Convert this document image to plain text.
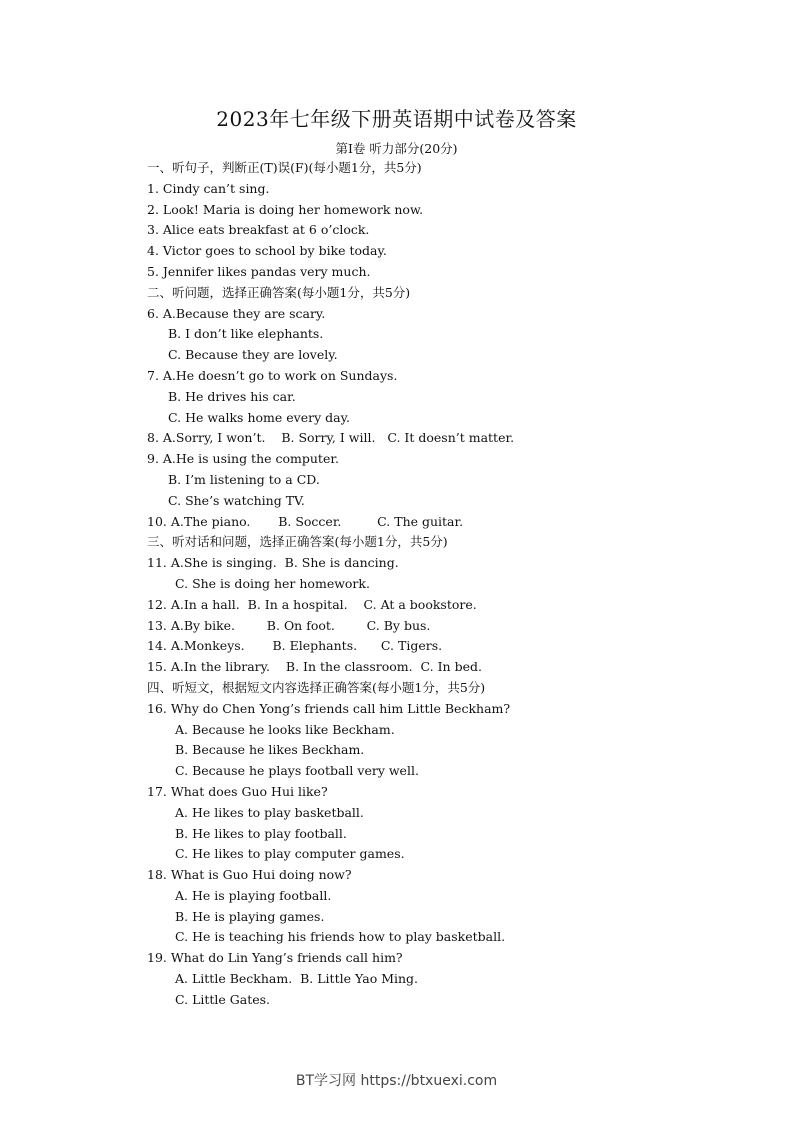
2023年七年级下册英语期中试卷及答案
第Ⅰ卷 听力部分(20分)
一、听句子，判断正(T)误(F)(每小题1分，共5分)
1. Cindy can’t sing.
2. Look! Maria is doing her homework now.
3. Alice eats breakfast at 6 o’clock.
4. Victor goes to school by bike today.
5. Jennifer likes pandas very much.
二、听问题，选择正确答案(每小题1分，共5分)
6. A.Because they are scary.
B. I don’t like elephants.
C. Because they are lovely.
7. A.He doesn’t go to work on Sundays.
B. He drives his car.
C. He walks home every day.
8. A.Sorry, I won’t.    B. Sorry, I will.   C. It doesn’t matter.
9. A.He is using the computer.
B. I’m listening to a CD.
C. She’s watching TV.
10. A.The piano.       B. Soccer.         C. The guitar.
三、听对话和问题，选择正确答案(每小题1分，共5分)
11. A.She is singing.  B. She is dancing.
C. She is doing her homework.
12. A.In a hall.  B. In a hospital.    C. At a bookstore.
13. A.By bike.        B. On foot.        C. By bus.
14. A.Monkeys.       B. Elephants.      C. Tigers.
15. A.In the library.    B. In the classroom.  C. In bed.
四、听短文，根据短文内容选择正确答案(每小题1分，共5分)
16. Why do Chen Yong’s friends call him Little Beckham?
A. Because he looks like Beckham.
B. Because he likes Beckham.
C. Because he plays football very well.
17. What does Guo Hui like?
A. He likes to play basketball.
B. He likes to play football.
C. He likes to play computer games.
18. What is Guo Hui doing now?
A. He is playing football.
B. He is playing games.
C. He is teaching his friends how to play basketball.
19. What do Lin Yang’s friends call him?
A. Little Beckham.  B. Little Yao Ming.
C. Little Gates.
BT学习网 https://btxuexi.com
